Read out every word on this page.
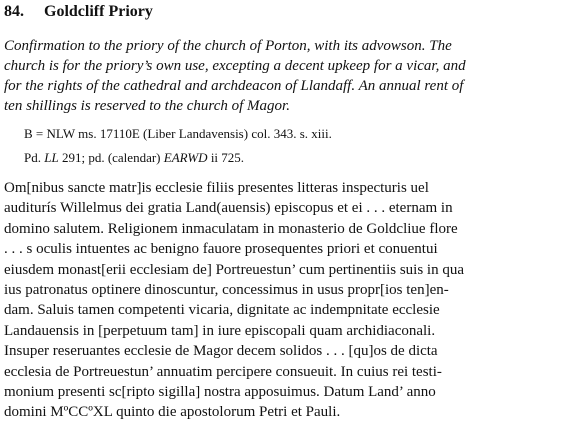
84. Goldcliff Priory
Confirmation to the priory of the church of Porton, with its advowson. The
church is for the priory’s own use, excepting a decent upkeep for a vicar, and
for the rights of the cathedral and archdeacon of Llandaff. An annual rent of
ten shillings is reserved to the church of Magor.
B = NLW ms. 17110E (Liber Landavensis) col. 343. s. xiii.
Pd. LL 291; pd. (calendar) EARWD ii 725.
Om[nibus sancte matr]is ecclesie filiis presentes litteras inspecturis uel
auditurís Willelmus dei gratia Land(auensis) episcopus et ei . . . eternam in
domino salutem. Religionem inmaculatam in monasterio de Goldcliue flore
. . . s oculis intuentes ac benigno fauore prosequentes priori et conuentui
eiusdem monast[erii ecclesiam de] Portreuestun’ cum pertinentiis suis in qua
ius patronatus optinere dinoscuntur, concessimus in usus propr[ios ten]en-
dam. Saluis tamen competenti vicaria, dignitate ac indempnitate ecclesie
Landauensis in [perpetuum tam] in iure episcopali quam archidiaconali.
Insuper reseruantes ecclesie de Magor decem solidos . . . [qu]os de dicta
ecclesia de Portreuestun’ annuatim percipere consueuit. In cuius rei testi-
monium presenti sc[ripto sigilla] nostra apposuimus. Datum Land’ anno
domini MºCCºXL quinto die apostolorum Petri et Pauli.
